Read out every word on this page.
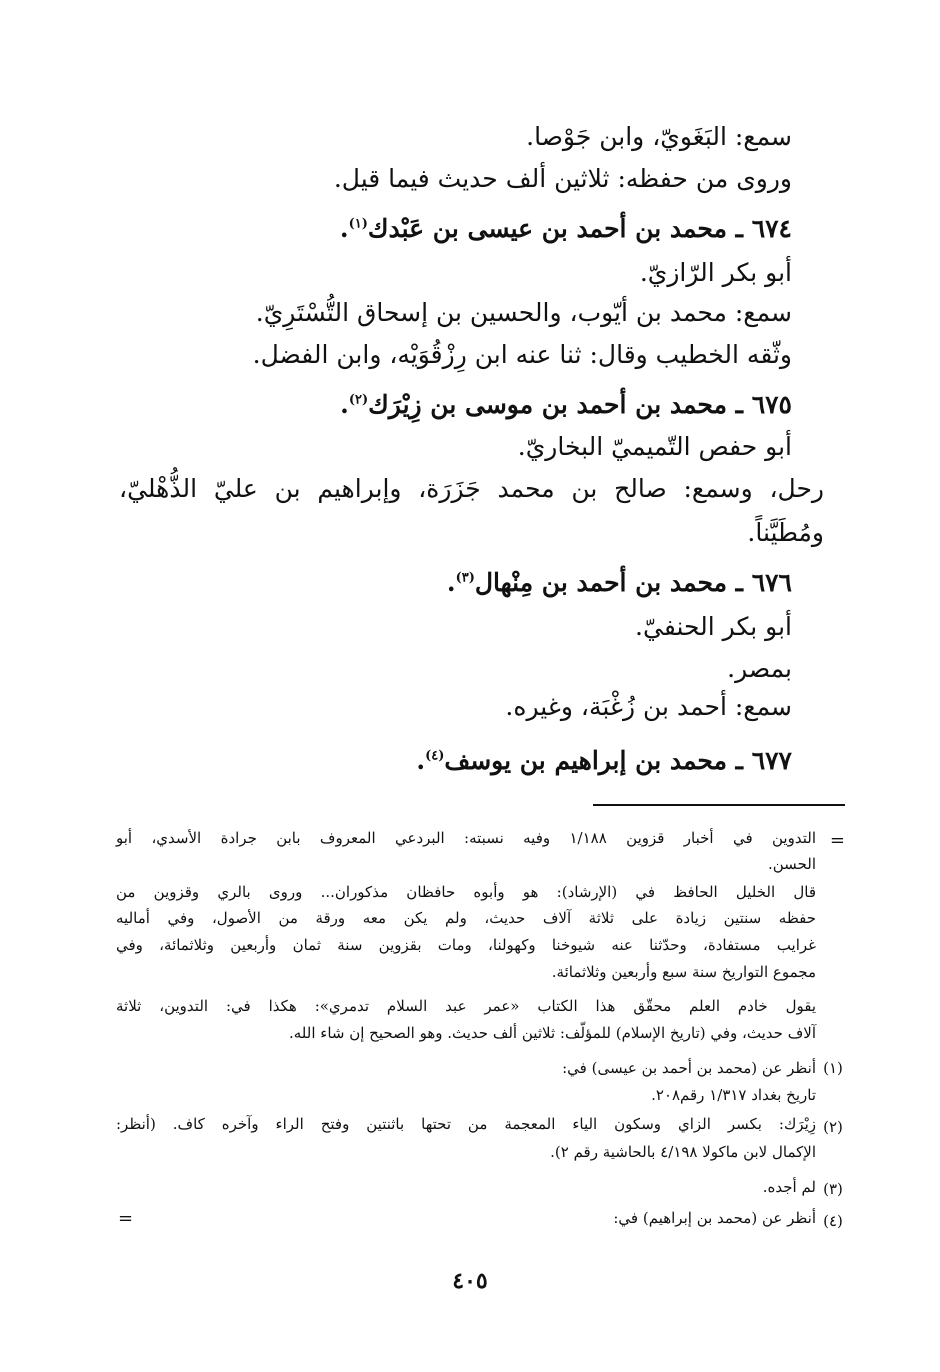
سمع: البَغَويّ، وابن جَوْصا.
وروى من حفظه: ثلاثين ألف حديث فيما قيل.
٦٧٤ ـ محمد بن أحمد بن عيسى بن عَبْدك$^{(١)}$.
أبو بكر الرّازيّ.
سمع: محمد بن أيّوب، والحسين بن إسحاق التُّسْتَرِيّ.
وثّقه الخطيب وقال: ثنا عنه ابن رِزْقُوَيْه، وابن الفضل.
٦٧٥ ـ محمد بن أحمد بن موسى بن زِيْرَك$^{(٢)}$.
أبو حفص التّميميّ البخاريّ.
رحل، وسمع: صالح بن محمد جَزَرَة، وإبراهيم بن عليّ الذُّهْليّ،
ومُطَيَّناً.
٦٧٦ ـ محمد بن أحمد بن مِنْهال$^{(٣)}$.
أبو بكر الحنفيّ.
بمصر.
سمع: أحمد بن زُغْبَة، وغيره.
٦٧٧ ـ محمد بن إبراهيم بن يوسف$^{(٤)}$.
=
التدوين في أخبار قزوين ١/١٨٨ وفيه نسبته: البردعي المعروف بابن جرادة الأسدي، أبو
الحسن.
قال الخليل الحافظ في (الإرشاد): هو وأبوه حافظان مذكوران... وروى بالري وقزوين من
حفظه سنتين زيادة على ثلاثة آلاف حديث، ولم يكن معه ورقة من الأصول، وفي أماليه
غرايب مستفادة، وحدّثنا عنه شيوخنا وكهولنا، ومات بقزوين سنة ثمان وأربعين وثلاثمائة، وفي
مجموع التواريخ سنة سبع وأربعين وثلاثمائة.
يقول خادم العلم محقّق هذا الكتاب «عمر عبد السلام تدمري»: هكذا في: التدوين، ثلاثة
آلاف حديث، وفي (تاريخ الإسلام) للمؤلّف: ثلاثين ألف حديث. وهو الصحيح إن شاء الله.
(١)
أنظر عن (محمد بن أحمد بن عيسى) في:
تاريخ بغداد ١/٣١٧ رقم٢٠٨.
(٢)
زِيْرَك: بكسر الزاي وسكون الياء المعجمة من تحتها باثنتين وفتح الراء وآخره كاف. (أنظر:
الإكمال لابن ماكولا ٤/١٩٨ بالحاشية رقم ٢).
(٣)
لم أجده.
(٤)
أنظر عن (محمد بن إبراهيم) في:
=
٤٠٥
